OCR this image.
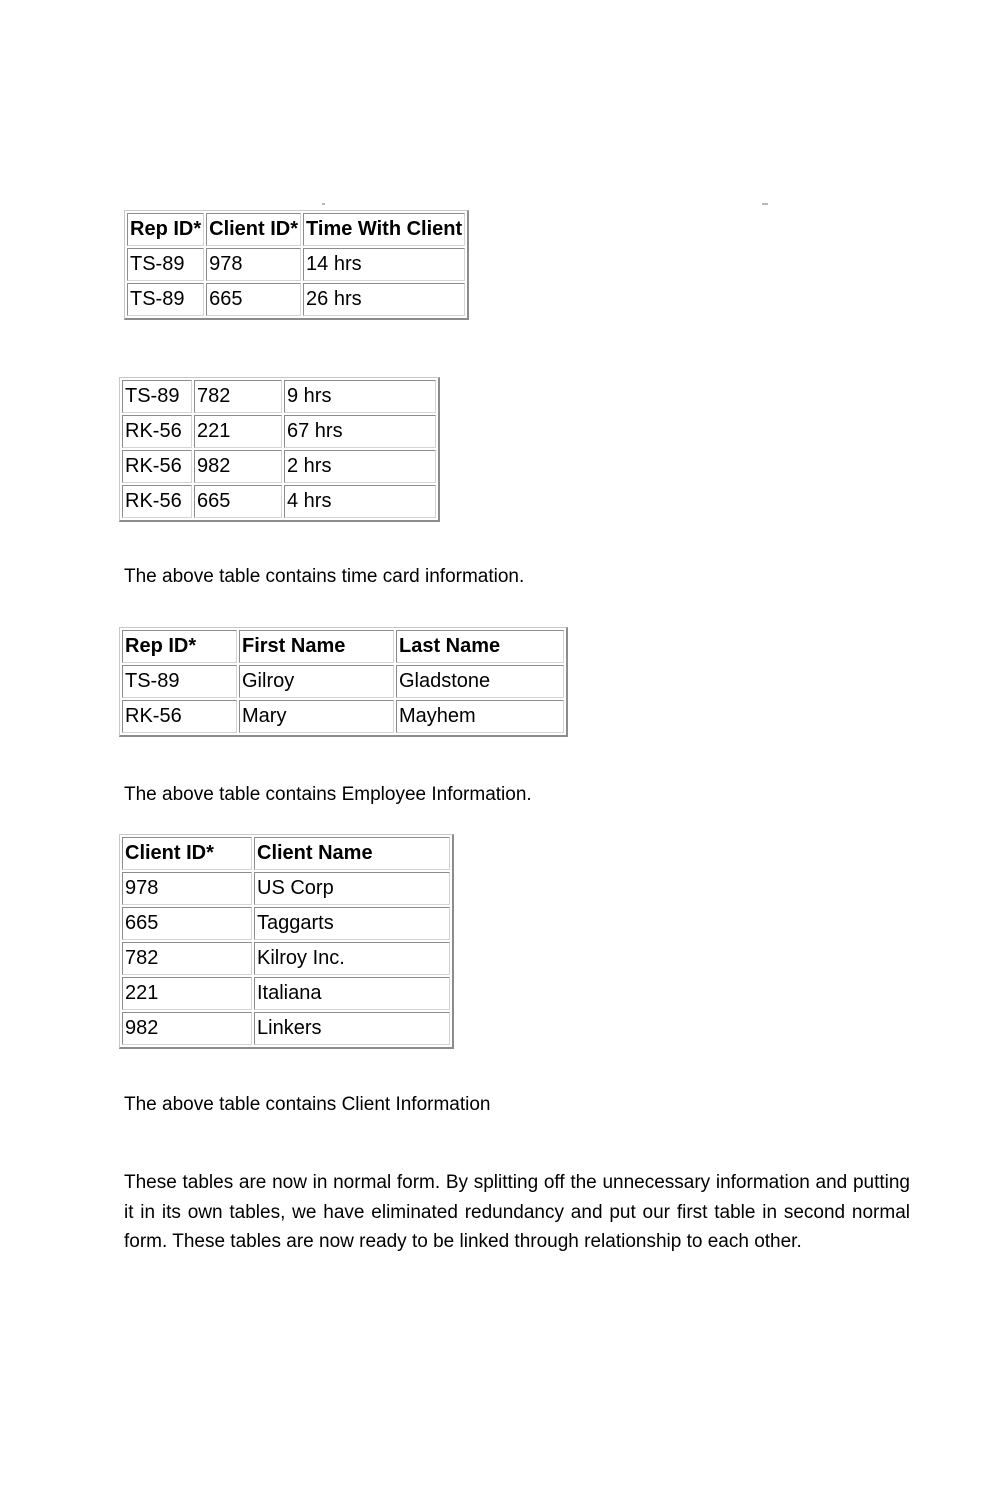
Rep ID*	Client ID*	Time With Client
TS-89	978	14 hrs
TS-89	665	26 hrs
TS-89	782	9 hrs
RK-56	221	67 hrs
RK-56	982	2 hrs
RK-56	665	4 hrs
The above table contains time card information.
Rep ID*	First Name	Last Name
TS-89	Gilroy	Gladstone
RK-56	Mary	Mayhem
The above table contains Employee Information.
Client ID*	Client Name
978	US Corp
665	Taggarts
782	Kilroy Inc.
221	Italiana
982	Linkers
The above table contains Client Information

These tables are now in normal form. By splitting off the unnecessary information and putting it in its own tables, we have eliminated redundancy and put our first table in second normal form. These tables are now ready to be linked through relationship to each other.
